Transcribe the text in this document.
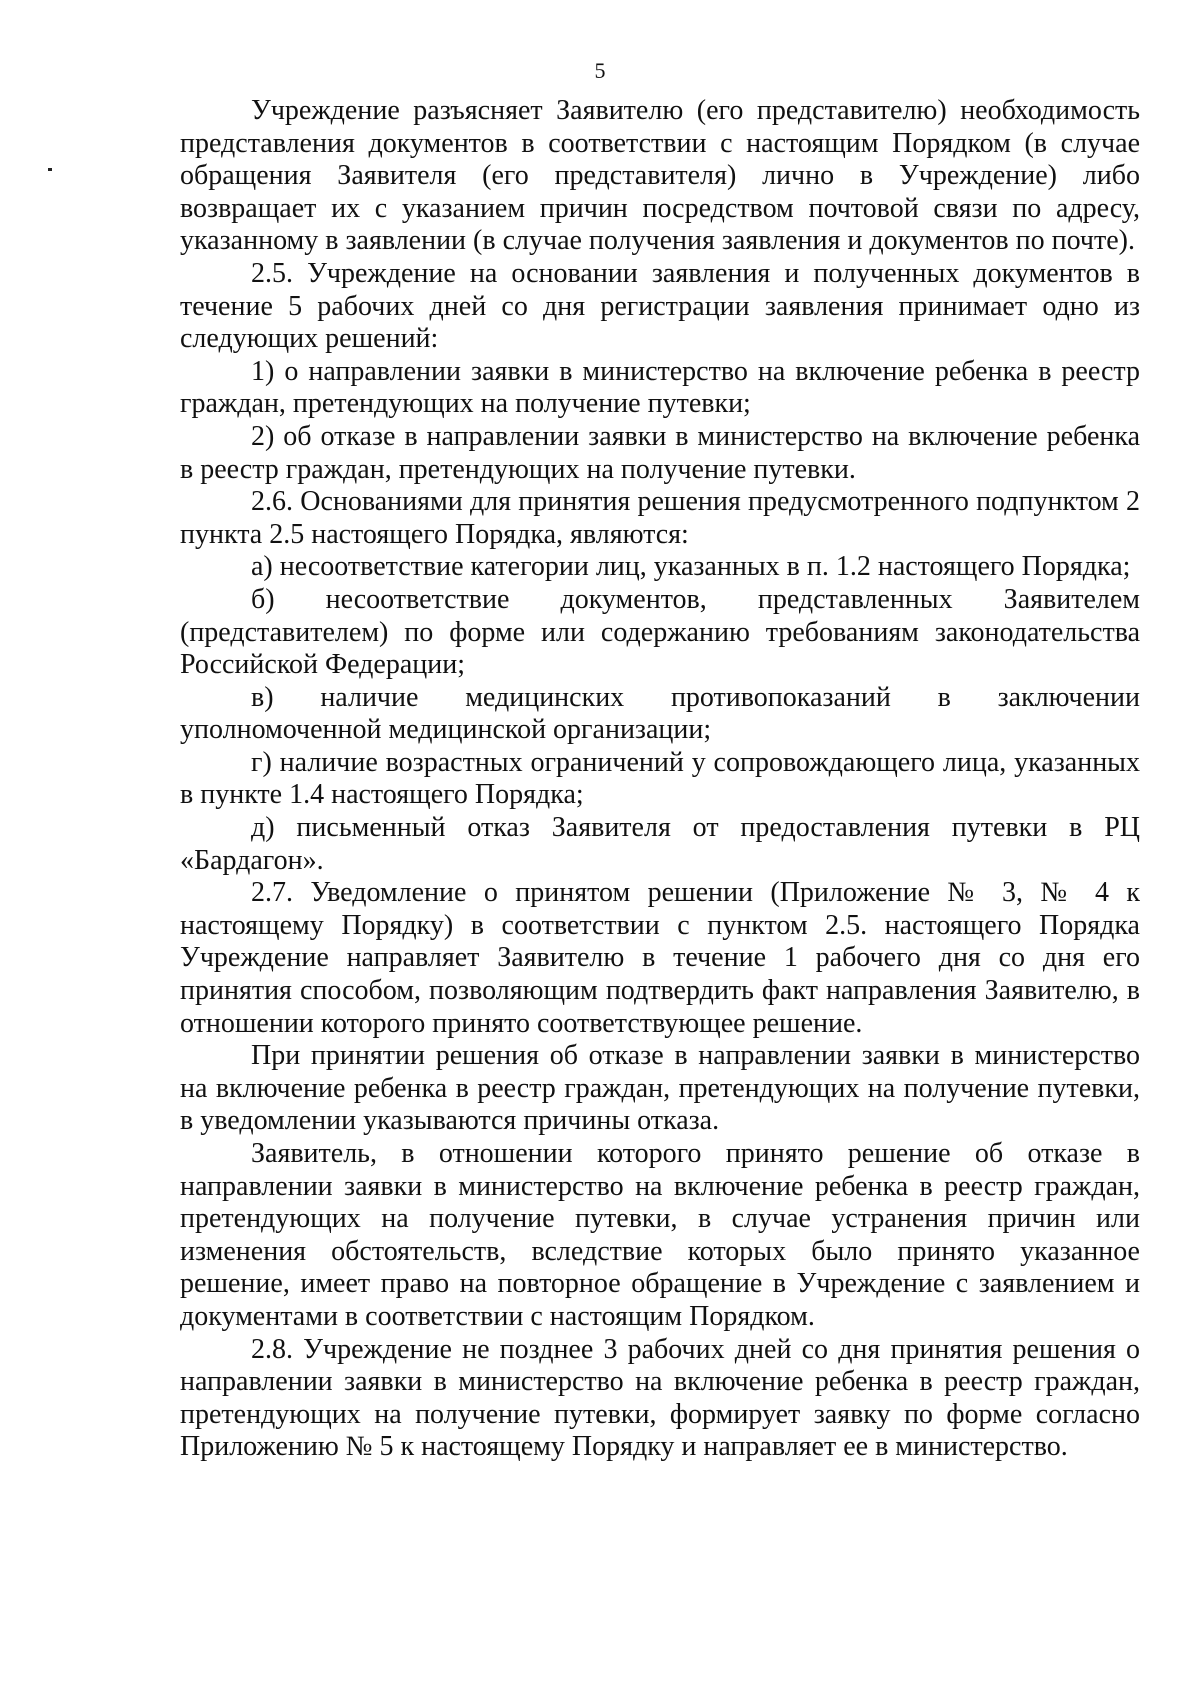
5

Учреждение разъясняет Заявителю (его представителю) необходимость представления документов в соответствии с настоящим Порядком (в случае обращения Заявителя (его представителя) лично в Учреждение) либо возвращает их с указанием причин посредством почтовой связи по адресу, указанному в заявлении (в случае получения заявления и документов по почте).

2.5. Учреждение на основании заявления и полученных документов в течение 5 рабочих дней со дня регистрации заявления принимает одно из следующих решений:

1) о направлении заявки в министерство на включение ребенка в реестр граждан, претендующих на получение путевки;

2) об отказе в направлении заявки в министерство на включение ребенка в реестр граждан, претендующих на получение путевки.

2.6. Основаниями для принятия решения предусмотренного подпунктом 2 пункта 2.5 настоящего Порядка, являются:

а) несоответствие категории лиц, указанных в п. 1.2 настоящего Порядка;

б) несоответствие документов, представленных Заявителем (представителем) по форме или содержанию требованиям законодательства Российской Федерации;

в) наличие медицинских противопоказаний в заключении уполномоченной медицинской организации;

г) наличие возрастных ограничений у сопровождающего лица, указанных в пункте 1.4 настоящего Порядка;

д) письменный отказ Заявителя от предоставления путевки в РЦ «Бардагон».

2.7. Уведомление о принятом решении (Приложение № 3, № 4 к настоящему Порядку) в соответствии с пунктом 2.5. настоящего Порядка Учреждение направляет Заявителю в течение 1 рабочего дня со дня его принятия способом, позволяющим подтвердить факт направления Заявителю, в отношении которого принято соответствующее решение.

При принятии решения об отказе в направлении заявки в министерство на включение ребенка в реестр граждан, претендующих на получение путевки, в уведомлении указываются причины отказа.

Заявитель, в отношении которого принято решение об отказе в направлении заявки в министерство на включение ребенка в реестр граждан, претендующих на получение путевки, в случае устранения причин или изменения обстоятельств, вследствие которых было принято указанное решение, имеет право на повторное обращение в Учреждение с заявлением и документами в соответствии с настоящим Порядком.

2.8. Учреждение не позднее 3 рабочих дней со дня принятия решения о направлении заявки в министерство на включение ребенка в реестр граждан, претендующих на получение путевки, формирует заявку по форме согласно Приложению № 5 к настоящему Порядку и направляет ее в министерство.
